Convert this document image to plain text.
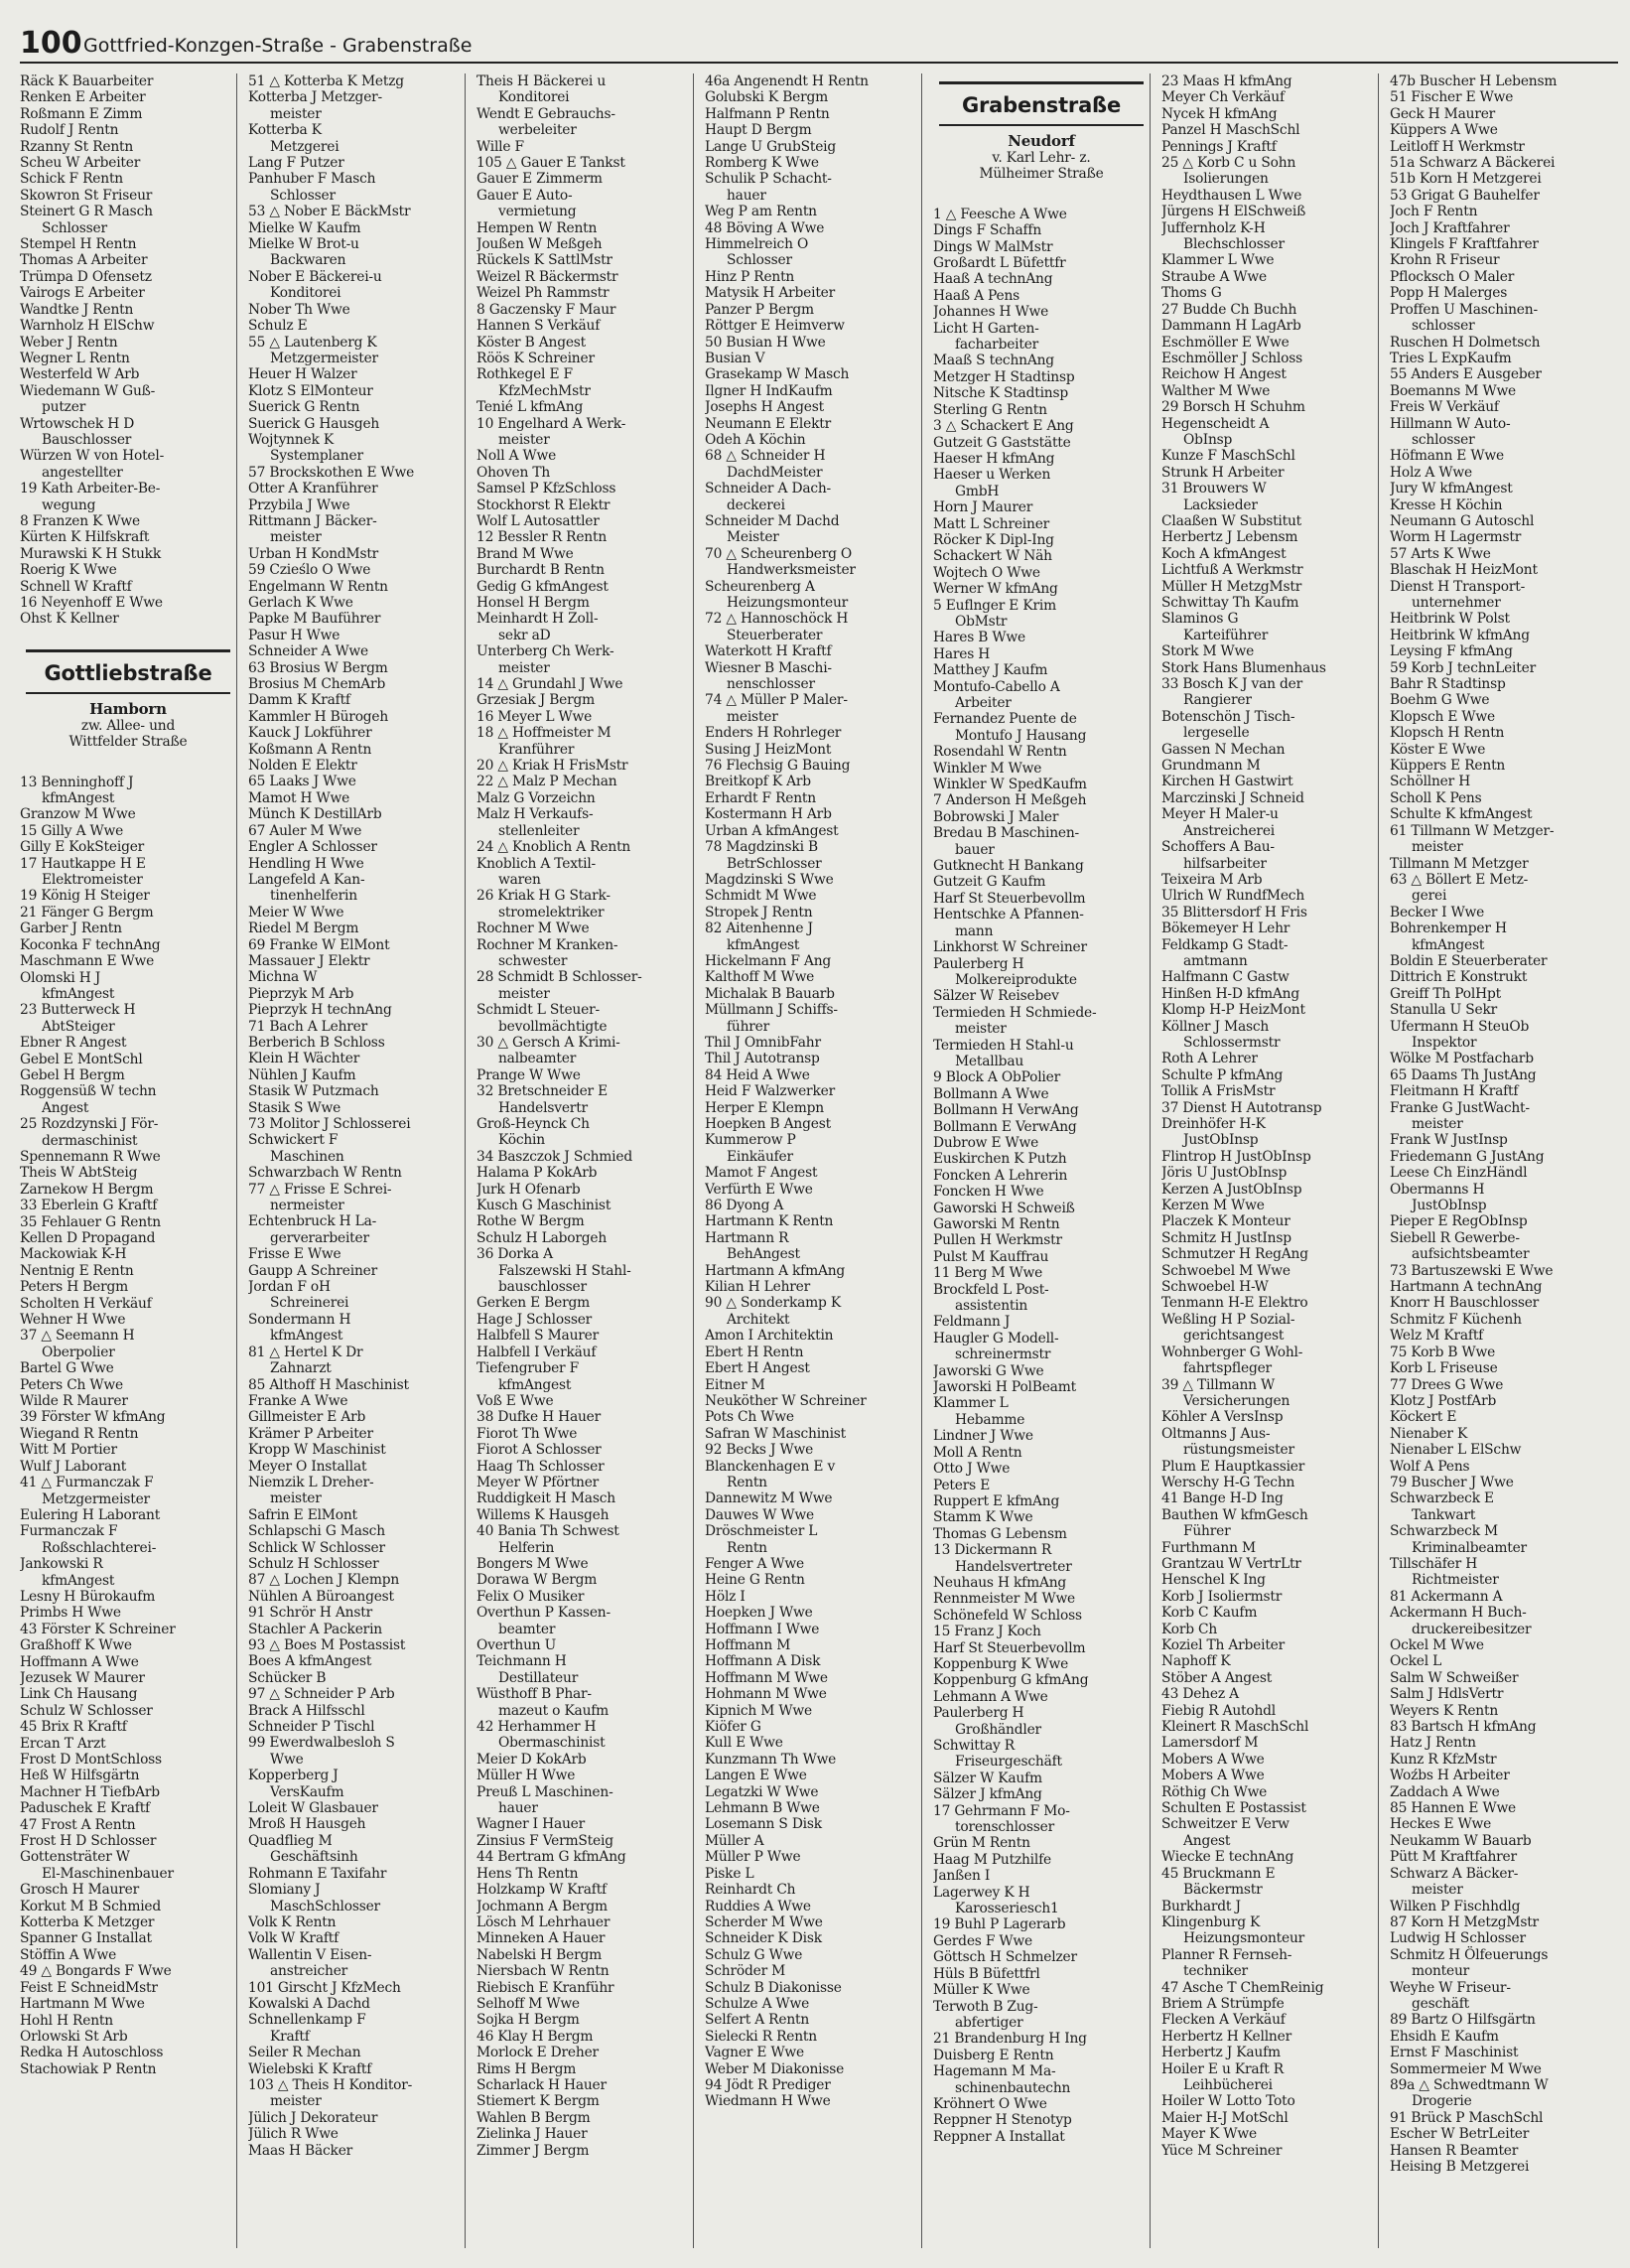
100 Gottfried-Konzgen-Straße - Grabenstraße
Räck K Bauarbeiter
Renken E Arbeiter
Roßmann E Zimm
Rudolf J Rentn
Rzanny St Rentn
Scheu W Arbeiter
Schick F Rentn
Skowron St Friseur
Steinert G R Masch
Schlosser
Stempel H Rentn
Thomas A Arbeiter
Trümpa D Ofensetz
Vairogs E Arbeiter
Wandtke J Rentn
Warnholz H ElSchw
Weber J Rentn
Wegner L Rentn
Westerfeld W Arb
Wiedemann W Guß-
putzer
Wrtowschek H D
Bauschlosser
Würzen W von Hotel-
angestellter
19 Kath Arbeiter-Be-
wegung
8 Franzen K Wwe
Kürten K Hilfskraft
Murawski K H Stukk
Roerig K Wwe
Schnell W Kraftf
16 Neyenhoff E Wwe
Ohst K Kellner
Gottliebstraße
Hamborn
zw. Allee- und
Wittfelder Straße
13 Benninghoff J
kfmAngest
Granzow M Wwe
15 Gilly A Wwe
Gilly E KokSteiger
17 Hautkappe H E
Elektromeister
19 König H Steiger
21 Fänger G Bergm
Garber J Rentn
Koconka F technAng
Maschmann E Wwe
Olomski H J
kfmAngest
23 Butterweck H
AbtSteiger
Ebner R Angest
Gebel E MontSchl
Gebel H Bergm
Roggensüß W techn
Angest
25 Rozdzynski J För-
dermaschinist
Spennemann R Wwe
Theis W AbtSteig
Zarnekow H Bergm
33 Eberlein G Kraftf
35 Fehlauer G Rentn
Kellen D Propagand
Mackowiak K-H
Nentnig E Rentn
Peters H Bergm
Scholten H Verkäuf
Wehner H Wwe
37 △ Seemann H
Oberpolier
Bartel G Wwe
Peters Ch Wwe
Wilde R Maurer
39 Förster W kfmAng
Wiegand R Rentn
Witt M Portier
Wulf J Laborant
41 △ Furmanczak F
Metzgermeister
Eulering H Laborant
Furmanczak F
Roßschlachterei-
Jankowski R
kfmAngest
Lesny H Bürokaufm
Primbs H Wwe
43 Förster K Schreiner
Graßhoff K Wwe
Hoffmann A Wwe
Jezusek W Maurer
Link Ch Hausang
Schulz W Schlosser
45 Brix R Kraftf
Ercan T Arzt
Frost D MontSchloss
Heß W Hilfsgärtn
Machner H TiefbArb
Paduschek E Kraftf
47 Frost A Rentn
Frost H D Schlosser
Gottensträter W
El-Maschinenbauer
Grosch H Maurer
Korkut M B Schmied
Kotterba K Metzger
Spanner G Installat
Stöffin A Wwe
49 △ Bongards F Wwe
Feist E SchneidMstr
Hartmann M Wwe
Hohl H Rentn
Orlowski St Arb
Redka H Autoschloss
Stachowiak P Rentn
51 △ Kotterba K Metzg
Kotterba J Metzger-
meister
Kotterba K
Metzgerei
Lang F Putzer
Panhuber F Masch
Schlosser
53 △ Nober E BäckMstr
Mielke W Kaufm
Mielke W Brot-u
Backwaren
Nober E Bäckerei-u
Konditorei
Nober Th Wwe
Schulz E
55 △ Lautenberg K
Metzgermeister
Heuer H Walzer
Klotz S ElMonteur
Suerick G Rentn
Suerick G Hausgeh
Wojtynnek K
Systemplaner
57 Brockskothen E Wwe
Otter A Kranführer
Przybila J Wwe
Rittmann J Bäcker-
meister
Urban H KondMstr
59 Czieślo O Wwe
Engelmann W Rentn
Gerlach K Wwe
Papke M Bauführer
Pasur H Wwe
Schneider A Wwe
63 Brosius W Bergm
Brosius M ChemArb
Damm K Kraftf
Kammler H Bürogeh
Kauck J Lokführer
Koßmann A Rentn
Nolden E Elektr
65 Laaks J Wwe
Mamot H Wwe
Münch K DestillArb
67 Auler M Wwe
Engler A Schlosser
Hendling H Wwe
Langefeld A Kan-
tinenhelferin
Meier W Wwe
Riedel M Bergm
69 Franke W ElMont
Massauer J Elektr
Michna W
Pieprzyk M Arb
Pieprzyk H technAng
71 Bach A Lehrer
Berberich B Schloss
Klein H Wächter
Nühlen J Kaufm
Stasik W Putzmach
Stasik S Wwe
73 Molitor J Schlosserei
Schwickert F
Maschinen
Schwarzbach W Rentn
77 △ Frisse E Schrei-
nermeister
Echtenbruck H La-
gerverarbeiter
Frisse E Wwe
Gaupp A Schreiner
Jordan F oH
Schreinerei
Sondermann H
kfmAngest
81 △ Hertel K Dr
Zahnarzt
85 Althoff H Maschinist
Franke A Wwe
Gillmeister E Arb
Krämer P Arbeiter
Kropp W Maschinist
Meyer O Installat
Niemzik L Dreher-
meister
Safrin E ElMont
Schlapschi G Masch
Schlick W Schlosser
Schulz H Schlosser
87 △ Lochen J Klempn
Nühlen A Büroangest
91 Schrör H Anstr
Stachler A Packerin
93 △ Boes M Postassist
Boes A kfmAngest
Schücker B
97 △ Schneider P Arb
Brack A Hilfsschl
Schneider P Tischl
99 Ewerdwalbesloh S
Wwe
Kopperberg J
VersKaufm
Loleit W Glasbauer
Mroß H Hausgeh
Quadflieg M
Geschäftsinh
Rohmann E Taxifahr
Slomiany J
MaschSchlosser
Volk K Rentn
Volk W Kraftf
Wallentin V Eisen-
anstreicher
101 Girscht J KfzMech
Kowalski A Dachd
Schnellenkamp F
Kraftf
Seiler R Mechan
Wielebski K Kraftf
103 △ Theis H Konditor-
meister
Jülich J Dekorateur
Jülich R Wwe
Maas H Bäcker
Theis H Bäckerei u
Konditorei
Wendt E Gebrauchs-
werbeleiter
Wille F
105 △ Gauer E Tankst
Gauer E Zimmerm
Gauer E Auto-
vermietung
Hempen W Rentn
Joußen W Meßgeh
Rückels K SattlMstr
Weizel R Bäckermstr
Weizel Ph Rammstr
8 Gaczensky F Maur
Hannen S Verkäuf
Köster B Angest
Röös K Schreiner
Rothkegel E F
KfzMechMstr
Tenié L kfmAng
10 Engelhard A Werk-
meister
Noll A Wwe
Ohoven Th
Samsel P KfzSchloss
Stockhorst R Elektr
Wolf L Autosattler
12 Bessler R Rentn
Brand M Wwe
Burchardt B Rentn
Gedig G kfmAngest
Honsel H Bergm
Meinhardt H Zoll-
sekr aD
Unterberg Ch Werk-
meister
14 △ Grundahl J Wwe
Grzesiak J Bergm
16 Meyer L Wwe
18 △ Hoffmeister M
Kranführer
20 △ Kriak H FrisMstr
22 △ Malz P Mechan
Malz G Vorzeichn
Malz H Verkaufs-
stellenleiter
24 △ Knoblich A Rentn
Knoblich A Textil-
waren
26 Kriak H G Stark-
stromelektriker
Rochner M Wwe
Rochner M Kranken-
schwester
28 Schmidt B Schlosser-
meister
Schmidt L Steuer-
bevollmächtigte
30 △ Gersch A Krimi-
nalbeamter
Prange W Wwe
32 Bretschneider E
Handelsvertr
Groß-Heynck Ch
Köchin
34 Baszczok J Schmied
Halama P KokArb
Jurk H Ofenarb
Kusch G Maschinist
Rothe W Bergm
Schulz H Laborgeh
36 Dorka A
Falszewski H Stahl-
bauschlosser
Gerken E Bergm
Hage J Schlosser
Halbfell S Maurer
Halbfell I Verkäuf
Tiefengruber F
kfmAngest
Voß E Wwe
38 Dufke H Hauer
Fiorot Th Wwe
Fiorot A Schlosser
Haag Th Schlosser
Meyer W Pförtner
Ruddigkeit H Masch
Willems K Hausgeh
40 Bania Th Schwest
Helferin
Bongers M Wwe
Dorawa W Bergm
Felix O Musiker
Overthun P Kassen-
beamter
Overthun U
Teichmann H
Destillateur
Wüsthoff B Phar-
mazeut o Kaufm
42 Herhammer H
Obermaschinist
Meier D KokArb
Müller H Wwe
Preuß L Maschinen-
hauer
Wagner I Hauer
Zinsius F VermSteig
44 Bertram G kfmAng
Hens Th Rentn
Holzkamp W Kraftf
Jochmann A Bergm
Lösch M Lehrhauer
Minneken A Hauer
Nabelski H Bergm
Niersbach W Rentn
Riebisch E Kranführ
Selhoff M Wwe
Sojka H Bergm
46 Klay H Bergm
Morlock E Dreher
Rims H Bergm
Scharlack H Hauer
Stiemert K Bergm
Wahlen B Bergm
Zielinka J Hauer
Zimmer J Bergm
46a Angenendt H Rentn
Golubski K Bergm
Halfmann P Rentn
Haupt D Bergm
Lange U GrubSteig
Romberg K Wwe
Schulik P Schacht-
hauer
Weg P am Rentn
48 Böving A Wwe
Himmelreich O
Schlosser
Hinz P Rentn
Matysik H Arbeiter
Panzer P Bergm
Röttger E Heimverw
50 Busian H Wwe
Busian V
Grasekamp W Masch
Ilgner H IndKaufm
Josephs H Angest
Neumann E Elektr
Odeh A Köchin
68 △ Schneider H
DachdMeister
Schneider A Dach-
deckerei
Schneider M Dachd
Meister
70 △ Scheurenberg O
Handwerksmeister
Scheurenberg A
Heizungsmonteur
72 △ Hannoschöck H
Steuerberater
Waterkott H Kraftf
Wiesner B Maschi-
nenschlosser
74 △ Müller P Maler-
meister
Enders H Rohrleger
Susing J HeizMont
76 Flechsig G Bauing
Breitkopf K Arb
Erhardt F Rentn
Kostermann H Arb
Urban A kfmAngest
78 Magdzinski B
BetrSchlosser
Magdzinski S Wwe
Schmidt M Wwe
Stropek J Rentn
82 Aitenhenne J
kfmAngest
Hickelmann F Ang
Kalthoff M Wwe
Michalak B Bauarb
Müllmann J Schiffs-
führer
Thil J OmnibFahr
Thil J Autotransp
84 Heid A Wwe
Heid F Walzwerker
Herper E Klempn
Hoepken B Angest
Kummerow P
Einkäufer
Mamot F Angest
Verfürth E Wwe
86 Dyong A
Hartmann K Rentn
Hartmann R
BehAngest
Hartmann A kfmAng
Kilian H Lehrer
90 △ Sonderkamp K
Architekt
Amon I Architektin
Ebert H Rentn
Ebert H Angest
Eitner M
Neuköther W Schreiner
Pots Ch Wwe
Safran W Maschinist
92 Becks J Wwe
Blanckenhagen E v
Rentn
Dannewitz M Wwe
Dauwes W Wwe
Dröschmeister L
Rentn
Fenger A Wwe
Heine G Rentn
Hölz I
Hoepken J Wwe
Hoffmann I Wwe
Hoffmann M
Hoffmann A Disk
Hoffmann M Wwe
Hohmann M Wwe
Kipnich M Wwe
Kiöfer G
Kull E Wwe
Kunzmann Th Wwe
Langen E Wwe
Legatzki W Wwe
Lehmann B Wwe
Losemann S Disk
Müller A
Müller P Wwe
Piske L
Reinhardt Ch
Ruddies A Wwe
Scherder M Wwe
Schneider K Disk
Schulz G Wwe
Schröder M
Schulz B Diakonisse
Schulze A Wwe
Selfert A Rentn
Sielecki R Rentn
Vagner E Wwe
Weber M Diakonisse
94 Jödt R Prediger
Wiedmann H Wwe
Grabenstraße
Neudorf
v. Karl Lehr- z.
Mülheimer Straße
1 △ Feesche A Wwe
Dings F Schaffn
Dings W MalMstr
Großardt L Büfettfr
Haaß A technAng
Haaß A Pens
Johannes H Wwe
Licht H Garten-
facharbeiter
Maaß S technAng
Metzger H Stadtinsp
Nitsche K Stadtinsp
Sterling G Rentn
3 △ Schackert E Ang
Gutzeit G Gaststätte
Haeser H kfmAng
Haeser u Werken
GmbH
Horn J Maurer
Matt L Schreiner
Röcker K Dipl-Ing
Schackert W Näh
Wojtech O Wwe
Werner W kfmAng
5 Euflnger E Krim
ObMstr
Hares B Wwe
Hares H
Matthey J Kaufm
Montufo-Cabello A
Arbeiter
Fernandez Puente de
Montufo J Hausang
Rosendahl W Rentn
Winkler M Wwe
Winkler W SpedKaufm
7 Anderson H Meßgeh
Bobrowski J Maler
Bredau B Maschinen-
bauer
Gutknecht H Bankang
Gutzeit G Kaufm
Harf St Steuerbevollm
Hentschke A Pfannen-
mann
Linkhorst W Schreiner
Paulerberg H
Molkereiprodukte
Sälzer W Reisebev
Termieden H Schmiede-
meister
Termieden H Stahl-u
Metallbau
9 Block A ObPolier
Bollmann A Wwe
Bollmann H VerwAng
Bollmann E VerwAng
Dubrow E Wwe
Euskirchen K Putzh
Foncken A Lehrerin
Foncken H Wwe
Gaworski H Schweiß
Gaworski M Rentn
Pullen H Werkmstr
Pulst M Kauffrau
11 Berg M Wwe
Brockfeld L Post-
assistentin
Feldmann J
Haugler G Modell-
schreinermstr
Jaworski G Wwe
Jaworski H PolBeamt
Klammer L
Hebamme
Lindner J Wwe
Moll A Rentn
Otto J Wwe
Peters E
Ruppert E kfmAng
Stamm K Wwe
Thomas G Lebensm
13 Dickermann R
Handelsvertreter
Neuhaus H kfmAng
Rennmeister M Wwe
Schönefeld W Schloss
15 Franz J Koch
Harf St Steuerbevollm
Koppenburg K Wwe
Koppenburg G kfmAng
Lehmann A Wwe
Paulerberg H
Großhändler
Schwittay R
Friseurgeschäft
Sälzer W Kaufm
Sälzer J kfmAng
17 Gehrmann F Mo-
torenschlosser
Grün M Rentn
Haag M Putzhilfe
Janßen I
Lagerwey K H
Karosseriesch1
19 Buhl P Lagerarb
Gerdes F Wwe
Göttsch H Schmelzer
Hüls B Büfettfrl
Müller K Wwe
Terwoth B Zug-
abfertiger
21 Brandenburg H Ing
Duisberg E Rentn
Hagemann M Ma-
schinenbautechn
Kröhnert O Wwe
Reppner H Stenotyp
Reppner A Installat
23 Maas H kfmAng
Meyer Ch Verkäuf
Nycek H kfmAng
Panzel H MaschSchl
Pennings J Kraftf
25 △ Korb C u Sohn
Isolierungen
Heydthausen L Wwe
Jürgens H ElSchweiß
Juffernholz K-H
Blechschlosser
Klammer L Wwe
Straube A Wwe
Thoms G
27 Budde Ch Buchh
Dammann H LagArb
Eschmöller E Wwe
Eschmöller J Schloss
Reichow H Angest
Walther M Wwe
29 Borsch H Schuhm
Hegenscheidt A
ObInsp
Kunze F MaschSchl
Strunk H Arbeiter
31 Brouwers W
Lacksieder
Claaßen W Substitut
Herbertz J Lebensm
Koch A kfmAngest
Lichtfuß A Werkmstr
Müller H MetzgMstr
Schwittay Th Kaufm
Slaminos G
Karteiführer
Stork M Wwe
Stork Hans Blumenhaus
33 Bosch K J van der
Rangierer
Botenschön J Tisch-
lergeselle
Gassen N Mechan
Grundmann M
Kirchen H Gastwirt
Marczinski J Schneid
Meyer H Maler-u
Anstreicherei
Schoffers A Bau-
hilfsarbeiter
Teixeira M Arb
Ulrich W RundfMech
35 Blittersdorf H Fris
Bökemeyer H Lehr
Feldkamp G Stadt-
amtmann
Halfmann C Gastw
Hinßen H-D kfmAng
Klomp H-P HeizMont
Köllner J Masch
Schlossermstr
Roth A Lehrer
Schulte P kfmAng
Tollik A FrisMstr
37 Dienst H Autotransp
Dreinhöfer H-K
JustObInsp
Flintrop H JustObInsp
Jöris U JustObInsp
Kerzen A JustObInsp
Kerzen M Wwe
Placzek K Monteur
Schmitz H JustInsp
Schmutzer H RegAng
Schwoebel M Wwe
Schwoebel H-W
Tenmann H-E Elektro
Weßling H P Sozial-
gerichtsangest
Wohnberger G Wohl-
fahrtspfleger
39 △ Tillmann W
Versicherungen
Köhler A VersInsp
Oltmanns J Aus-
rüstungsmeister
Plum E Hauptkassier
Werschy H-G Techn
41 Bange H-D Ing
Bauthen W kfmGesch
Führer
Furthmann M
Grantzau W VertrLtr
Henschel K Ing
Korb J Isoliermstr
Korb C Kaufm
Korb Ch
Koziel Th Arbeiter
Naphoff K
Stöber A Angest
43 Dehez A
Fiebig R Autohdl
Kleinert R MaschSchl
Lamersdorf M
Mobers A Wwe
Mobers A Wwe
Röthig Ch Wwe
Schulten E Postassist
Schweitzer E Verw
Angest
Wiecke E technAng
45 Bruckmann E
Bäckermstr
Burkhardt J
Klingenburg K
Heizungsmonteur
Planner R Fernseh-
techniker
47 Asche T ChemReinig
Briem A Strümpfe
Flecken A Verkäuf
Herbertz H Kellner
Herbertz J Kaufm
Hoiler E u Kraft R
Leihbücherei
Hoiler W Lotto Toto
Maier H-J MotSchl
Mayer K Wwe
Yüce M Schreiner
47b Buscher H Lebensm
51 Fischer E Wwe
Geck H Maurer
Küppers A Wwe
Leitloff H Werkmstr
51a Schwarz A Bäckerei
51b Korn H Metzgerei
53 Grigat G Bauhelfer
Joch F Rentn
Joch J Kraftfahrer
Klingels F Kraftfahrer
Krohn R Friseur
Pflocksch O Maler
Popp H Malerges
Proffen U Maschinen-
schlosser
Ruschen H Dolmetsch
Tries L ExpKaufm
55 Anders E Ausgeber
Boemanns M Wwe
Freis W Verkäuf
Hillmann W Auto-
schlosser
Höfmann E Wwe
Holz A Wwe
Jury W kfmAngest
Kresse H Köchin
Neumann G Autoschl
Worm H Lagermstr
57 Arts K Wwe
Blaschak H HeizMont
Dienst H Transport-
unternehmer
Heitbrink W Polst
Heitbrink W kfmAng
Leysing F kfmAng
59 Korb J technLeiter
Bahr R Stadtinsp
Boehm G Wwe
Klopsch E Wwe
Klopsch H Rentn
Köster E Wwe
Küppers E Rentn
Schöllner H
Scholl K Pens
Schulte K kfmAngest
61 Tillmann W Metzger-
meister
Tillmann M Metzger
63 △ Böllert E Metz-
gerei
Becker I Wwe
Bohrenkemper H
kfmAngest
Boldin E Steuerberater
Dittrich E Konstrukt
Greiff Th PolHpt
Stanulla U Sekr
Ufermann H SteuOb
Inspektor
Wölke M Postfacharb
65 Daams Th JustAng
Fleitmann H Kraftf
Franke G JustWacht-
meister
Frank W JustInsp
Friedemann G JustAng
Leese Ch EinzHändl
Obermanns H
JustObInsp
Pieper E RegObInsp
Siebell R Gewerbe-
aufsichtsbeamter
73 Bartuszewski E Wwe
Hartmann A technAng
Knorr H Bauschlosser
Schmitz F Küchenh
Welz M Kraftf
75 Korb B Wwe
Korb L Friseuse
77 Drees G Wwe
Klotz J PostfArb
Köckert E
Nienaber K
Nienaber L ElSchw
Wolf A Pens
79 Buscher J Wwe
Schwarzbeck E
Tankwart
Schwarzbeck M
Kriminalbeamter
Tillschäfer H
Richtmeister
81 Ackermann A
Ackermann H Buch-
druckereibesitzer
Ockel M Wwe
Ockel L
Salm W Schweißer
Salm J HdlsVertr
Weyers K Rentn
83 Bartsch H kfmAng
Hatz J Rentn
Kunz R KfzMstr
Woźbs H Arbeiter
Zaddach A Wwe
85 Hannen E Wwe
Heckes E Wwe
Neukamm W Bauarb
Pütt M Kraftfahrer
Schwarz A Bäcker-
meister
Wilken P Fischhdlg
87 Korn H MetzgMstr
Ludwig H Schlosser
Schmitz H Ölfeuerungs
monteur
Weyhe W Friseur-
geschäft
89 Bartz O Hilfsgärtn
Ehsidh E Kaufm
Ernst F Maschinist
Sommermeier M Wwe
89a △ Schwedtmann W
Drogerie
91 Brück P MaschSchl
Escher W BetrLeiter
Hansen R Beamter
Heising B Metzgerei
